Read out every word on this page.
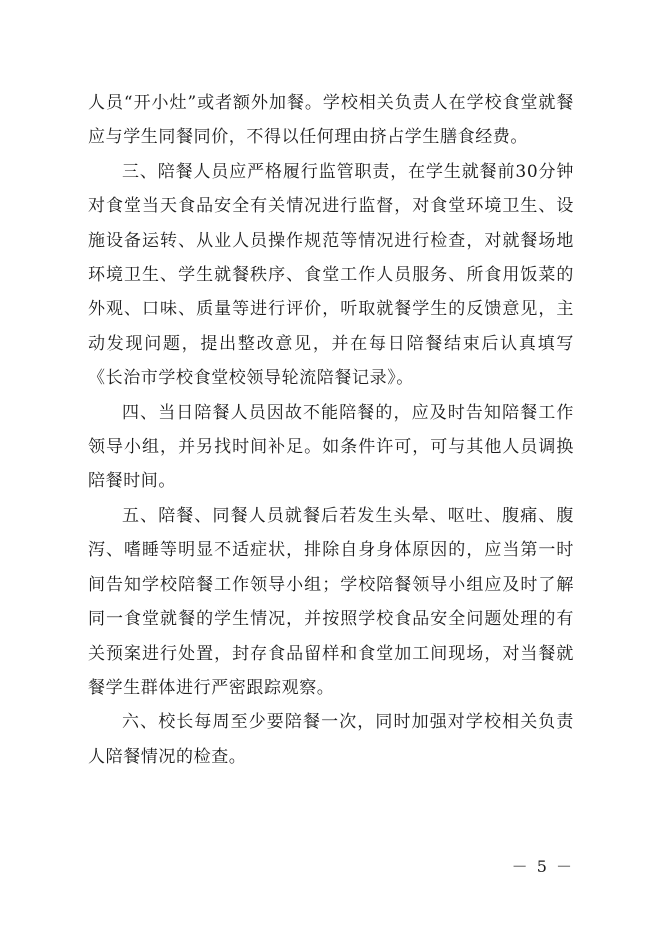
人员“开小灶”或者额外加餐。学校相关负责人在学校食堂就餐应与学生同餐同价，不得以任何理由挤占学生膳食经费。

三、陪餐人员应严格履行监管职责，在学生就餐前30分钟对食堂当天食品安全有关情况进行监督，对食堂环境卫生、设施设备运转、从业人员操作规范等情况进行检查，对就餐场地环境卫生、学生就餐秩序、食堂工作人员服务、所食用饭菜的外观、口味、质量等进行评价，听取就餐学生的反馈意见，主动发现问题，提出整改意见，并在每日陪餐结束后认真填写《长治市学校食堂校领导轮流陪餐记录》。

四、当日陪餐人员因故不能陪餐的，应及时告知陪餐工作领导小组，并另找时间补足。如条件许可，可与其他人员调换陪餐时间。

五、陪餐、同餐人员就餐后若发生头晕、呕吐、腹痛、腹泻、嗜睡等明显不适症状，排除自身身体原因的，应当第一时间告知学校陪餐工作领导小组；学校陪餐领导小组应及时了解同一食堂就餐的学生情况，并按照学校食品安全问题处理的有关预案进行处置，封存食品留样和食堂加工间现场，对当餐就餐学生群体进行严密跟踪观察。

六、校长每周至少要陪餐一次，同时加强对学校相关负责人陪餐情况的检查。

－ 5 －
